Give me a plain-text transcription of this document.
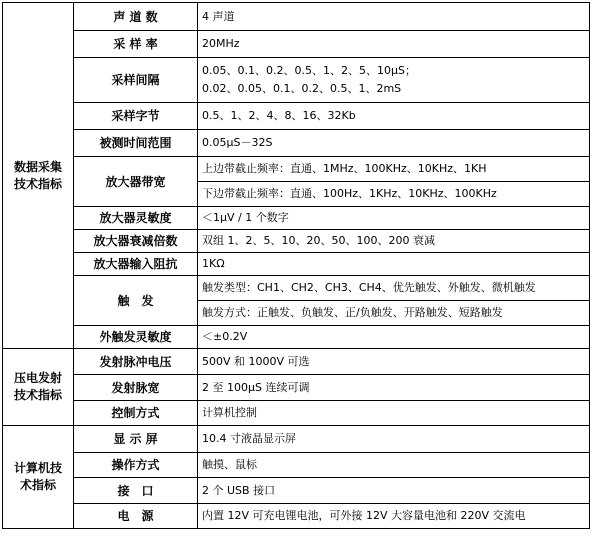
数据采集
技术指标	声 道 数	4 声道
	采 样 率	20MHz
	采样间隔	0.05、0.1、0.2、0.5、1、2、5、10μS；
0.02、0.05、0.1、0.2、0.5、1、2mS

	采样字节	0.5、1、2、4、8、16、32Kb
	被测时间范围	0.05μS－32S
	放大器带宽	上边带截止频率：直通、1MHz、100KHz、10KHz、1KH
		下边带截止频率：直通、100Hz、1KHz、10KHz、100KHz
	放大器灵敏度	＜1μV / 1 个数字
	放大器衰减倍数	双组 1、2、5、10、20、50、100、200 衰减
	放大器输入阻抗	1KΩ
	触　发	触发类型：CH1、CH2、CH3、CH4、优先触发、外触发、微机触发
		触发方式：正触发、负触发、正/负触发、开路触发、短路触发
	外触发灵敏度	＜±0.2V

压电发射
技术指标	发射脉冲电压	500V 和 1000V 可选
	发射脉宽	2 至 100μS 连续可调
	控制方式	计算机控制

计算机技
术指标	显 示 屏	10.4 寸液晶显示屏
	操作方式	触摸、鼠标
	接　口	2 个 USB 接口
	电　源	内置 12V 可充电锂电池，可外接 12V 大容量电池和 220V 交流电
